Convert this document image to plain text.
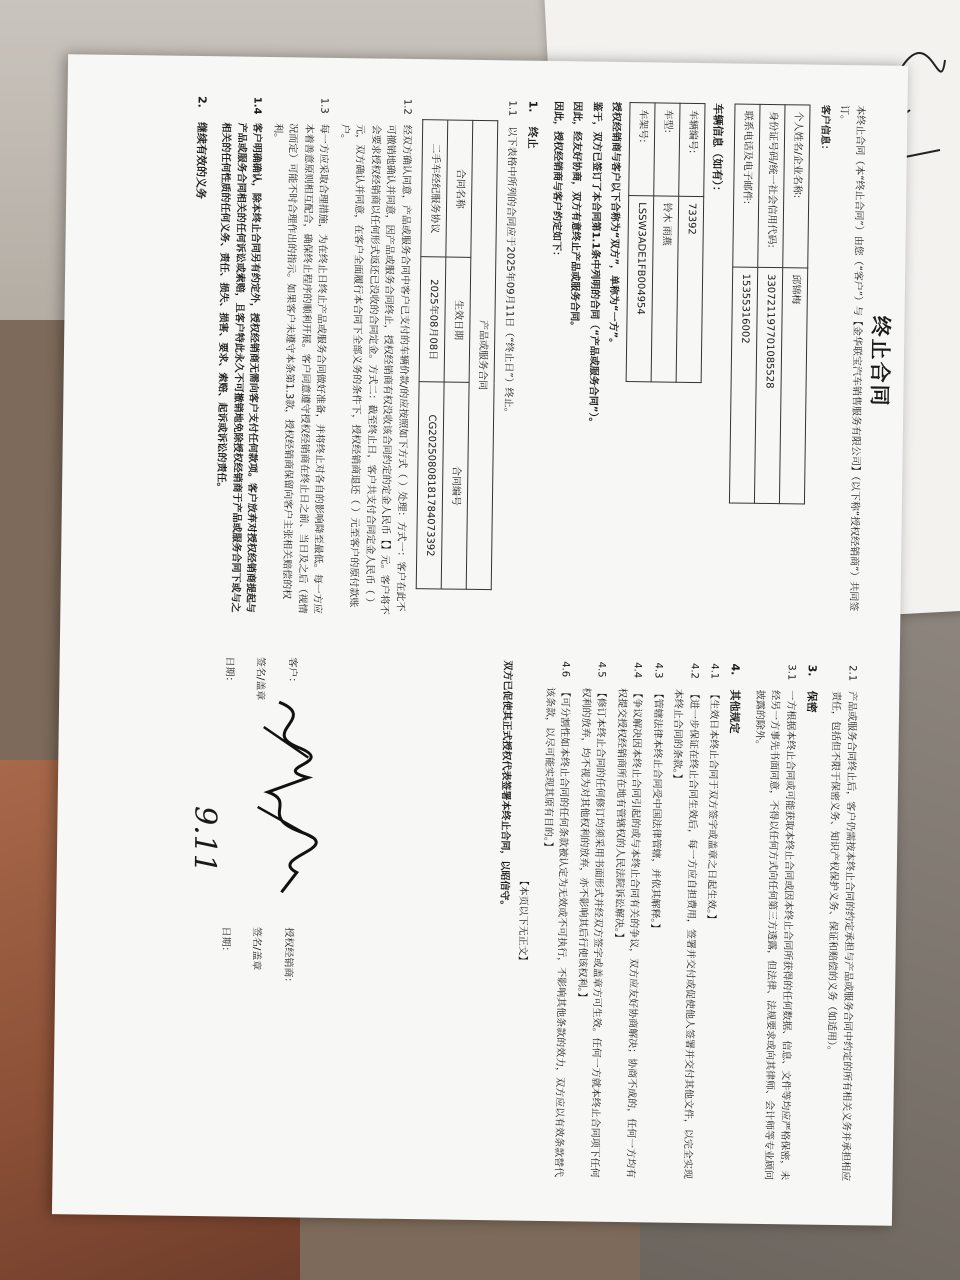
终止合同

本终止合同（本“终止合同”）由您（“客户”）与【金华联宝汽车销售服务有限公司】（以下称“授权经销商”）共同签订。

客户信息：

个人姓名/企业名称:	邱锦梅
身份证号码/统一社会信用代码:	330721197701085528
联系电话及电子邮件:	15355316002

车辆信息（如有）：

车辆编号:	73392
车型:	铃木 雨燕
车架号:	LSSW3ADE1FB004954

授权经销商与客户以下合称为“双方”，单称为“一方”。

鉴于，双方已签订了本合同第1.1条中列明的合同（“产品或服务合同”）。

因此，经友好协商，双方有意终止产品或服务合同。

因此，授权经销商与客户约定如下：

1.
终止
1.1
以下表格中所列的合同应于2025年09月11日（“终止日”）终止。
产品或服务合同		
合同名称	生效日期	合同编号
二手车经纪服务协议	2025年08月08日	CG20250808181784073392
1.2
经双方确认同意，产品或服务合同中客户已支付的车辆价款/的应按照如下方式（ ）处理：方式一：客户在此不可撤销地确认并同意，因产品或服务合同终止，授权经销商有权没收该合同约定的定金人民币【】元。客户将不会要求授权经销商以任何形式返还已没收的合同定金。方式二：截至终止日，客户共支付合同定金人民币（ ）元，双方确认并同意，在客户全面履行本合同下全部义务的条件下，授权经销商退还（ ）元至客户的原付款账户。
1.3
每一方应采取合理措施，为在终止日终止产品或服务合同做好准备，并将终止对各自的影响降至最低。每一方应本着善意原则相互配合，确保终止程序的顺利开展。客户同意遵守授权经销商在终止日之前、当日及之后（视情况而定）可能不时合理作出的指示。如果客户未遵守本条第1.3款，授权经销商保留向客户主张相关赔偿的权利。
1.4
客户明确确认，除本终止合同另有约定外，授权经销商无需向客户支付任何款项。客户放弃对授权经销商提起与产品或服务合同相关的任何诉讼或索赔，且客户特此永久不可撤销地免除授权经销商于产品或服务合同下或与之相关的任何性质的任何义务、责任、损失、损害、要求、索赔、起诉或诉讼的责任。
2.
继续有效的义务
2.1
产品或服务合同终止后，客户仍需按本终止合同的约定承担与产品或服务合同中约定的所有相关义务并承担相应责任，包括但不限于保密义务、知识产权保护义务、保证和赔偿的义务（如适用）。
3.
保密
3.1
一方根据本终止合同或可能获取本终止合同或因本终止合同所获得的任何数据、信息、文件等均应严格保密，未经另一方事先书面同意，不得以任何方式向任何第三方透露，但法律、法规要求或向其律师、会计师等专业顾问披露的除外。
4.
其他规定
4.1
【生效日本终止合同于双方签字或盖章之日起生效。】
4.2
【进一步保证在终止合同生效后，每一方应自担费用，签署并交付或促使他人签署并交付其他文件，以完全实现本终止合同的条款。】
4.3
【管辖法律本终止合同受中国法律管辖，并依其解释。】
4.4
【争议解决因本终止合同引起的或与本终止合同有关的争议，双方应友好协商解决；协商不成的，任何一方均有权提交授权经销商所在地有管辖权的人民法院诉讼解决。】
4.5
【修订本终止合同的任何修订均须采用书面形式并经双方签字或盖章方可生效。任何一方就本终止合同项下任何权利的放弃，均不视为对其他权利的放弃，亦不影响其后行使该权利。】
4.6
【可分割性如本终止合同的任何条款被认定为无效或不可执行，不影响其他条款的效力，双方应以有效条款替代该条款，以尽可能实现其原有目的。】

【本页以下无正文】

双方已促使其正式授权代表签署本终止合同，以昭信守。

客户：
签名/盖章
日期：
9.11
授权经销商：
签名/盖章
日期：
